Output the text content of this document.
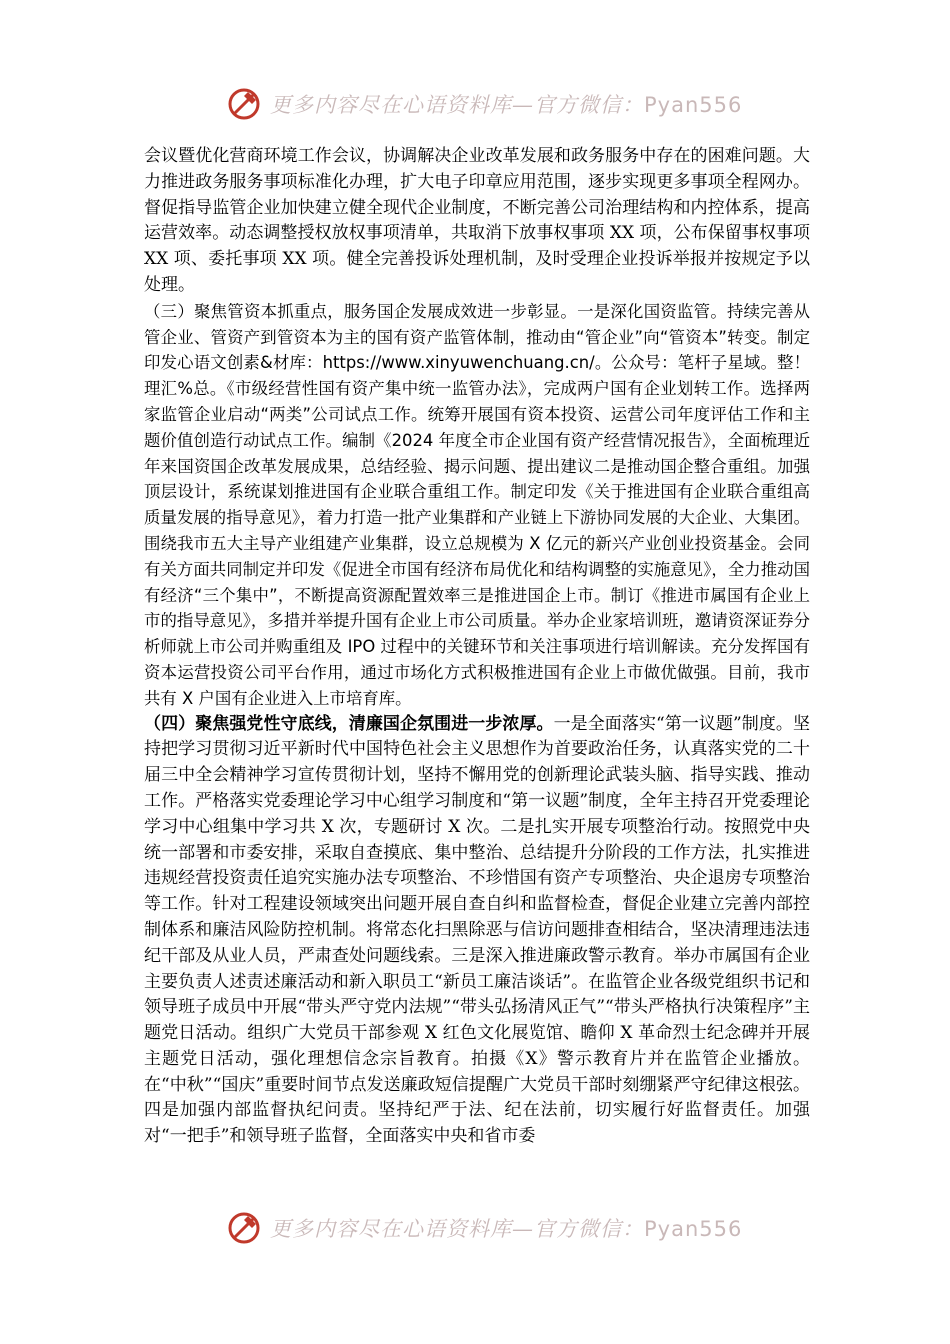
更多内容尽在心语资料库—官方微信：Pyan556

会议暨优化营商环境工作会议，协调解决企业改革发展和政务服务中存在的困难问题。大力推进政务服务事项标准化办理，扩大电子印章应用范围，逐步实现更多事项全程网办。督促指导监管企业加快建立健全现代企业制度，不断完善公司治理结构和内控体系，提高运营效率。动态调整授权放权事项清单，共取消下放事权事项 XX 项，公布保留事权事项 XX 项、委托事项 XX 项。健全完善投诉处理机制，及时受理企业投诉举报并按规定予以处理。

（三）聚焦管资本抓重点，服务国企发展成效进一步彰显。一是深化国资监管。持续完善从管企业、管资产到管资本为主的国有资产监管体制，推动由“管企业”向“管资本”转变。制定印发心语文创素&材库：https://www.xinyuwenchuang.cn/。公众号：笔杆子星域。整！理汇%总。《市级经营性国有资产集中统一监管办法》，完成两户国有企业划转工作。选择两家监管企业启动“两类”公司试点工作。统筹开展国有资本投资、运营公司年度评估工作和主题价值创造行动试点工作。编制《2024 年度全市企业国有资产经营情况报告》，全面梳理近年来国资国企改革发展成果，总结经验、揭示问题、提出建议二是推动国企整合重组。加强顶层设计，系统谋划推进国有企业联合重组工作。制定印发《关于推进国有企业联合重组高质量发展的指导意见》，着力打造一批产业集群和产业链上下游协同发展的大企业、大集团。围绕我市五大主导产业组建产业集群，设立总规模为 X 亿元的新兴产业创业投资基金。会同有关方面共同制定并印发《促进全市国有经济布局优化和结构调整的实施意见》，全力推动国有经济“三个集中”，不断提高资源配置效率三是推进国企上市。制订《推进市属国有企业上市的指导意见》，多措并举提升国有企业上市公司质量。举办企业家培训班，邀请资深证券分析师就上市公司并购重组及 IPO 过程中的关键环节和关注事项进行培训解读。充分发挥国有资本运营投资公司平台作用，通过市场化方式积极推进国有企业上市做优做强。目前，我市共有 X 户国有企业进入上市培育库。

（四）聚焦强党性守底线，清廉国企氛围进一步浓厚。一是全面落实“第一议题”制度。坚持把学习贯彻习近平新时代中国特色社会主义思想作为首要政治任务，认真落实党的二十届三中全会精神学习宣传贯彻计划，坚持不懈用党的创新理论武装头脑、指导实践、推动工作。严格落实党委理论学习中心组学习制度和“第一议题”制度，全年主持召开党委理论学习中心组集中学习共 X 次，专题研讨 X 次。二是扎实开展专项整治行动。按照党中央统一部署和市委安排，采取自查摸底、集中整治、总结提升分阶段的工作方法，扎实推进违规经营投资责任追究实施办法专项整治、不珍惜国有资产专项整治、央企退房专项整治等工作。针对工程建设领域突出问题开展自查自纠和监督检查，督促企业建立完善内部控制体系和廉洁风险防控机制。将常态化扫黑除恶与信访问题排查相结合，坚决清理违法违纪干部及从业人员，严肃查处问题线索。三是深入推进廉政警示教育。举办市属国有企业主要负责人述责述廉活动和新入职员工“新员工廉洁谈话”。在监管企业各级党组织书记和领导班子成员中开展“带头严守党内法规”“带头弘扬清风正气”“带头严格执行决策程序”主题党日活动。组织广大党员干部参观 X 红色文化展览馆、瞻仰 X 革命烈士纪念碑并开展主题党日活动，强化理想信念宗旨教育。拍摄《X》警示教育片并在监管企业播放。在“中秋”“国庆”重要时间节点发送廉政短信提醒广大党员干部时刻绷紧严守纪律这根弦。四是加强内部监督执纪问责。坚持纪严于法、纪在法前，切实履行好监督责任。加强对“一把手”和领导班子监督，全面落实中央和省市委

更多内容尽在心语资料库—官方微信：Pyan556
